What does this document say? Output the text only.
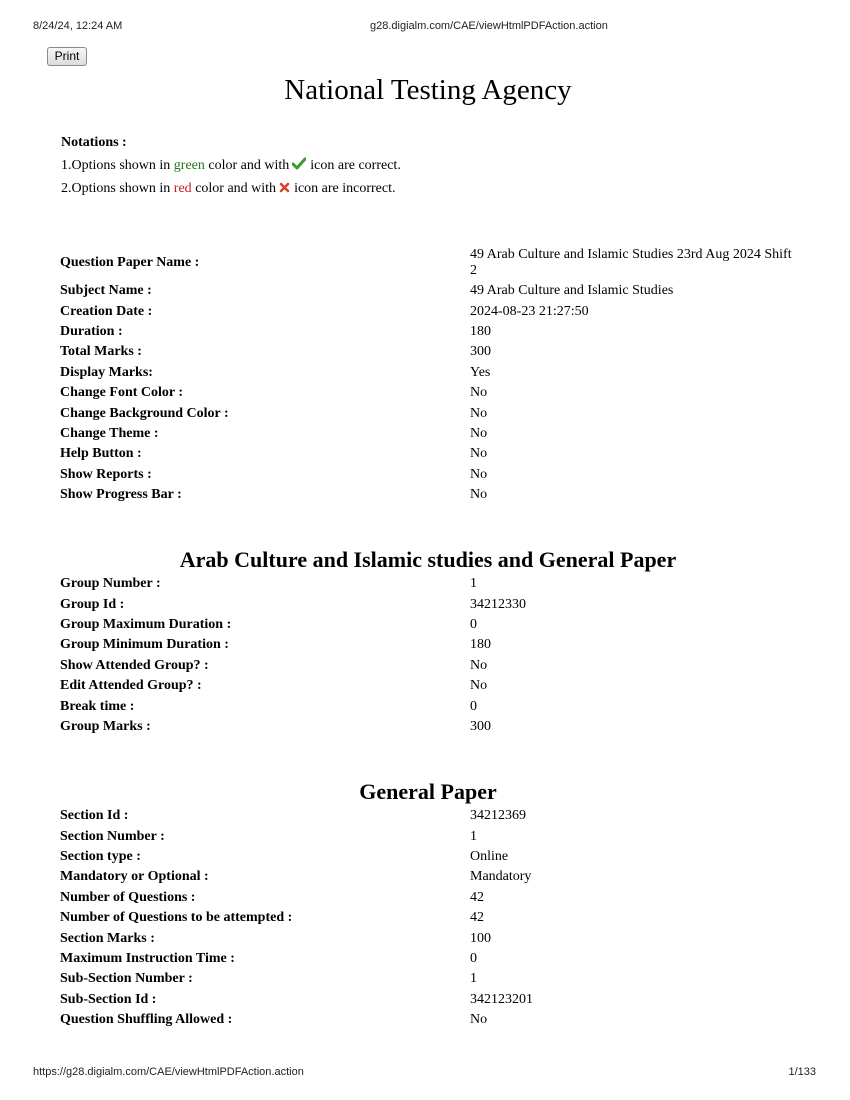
8/24/24, 12:24 AM	g28.digialm.com/CAE/viewHtmlPDFAction.action
Print
National Testing Agency
Notations :
1.Options shown in green color and with icon are correct.
2.Options shown in red color and with icon are incorrect.
Question Paper Name :	49 Arab Culture and Islamic Studies 23rd Aug 2024 Shift 2
Subject Name :	49 Arab Culture and Islamic Studies
Creation Date :	2024-08-23 21:27:50
Duration :	180
Total Marks :	300
Display Marks:	Yes
Change Font Color :	No
Change Background Color :	No
Change Theme :	No
Help Button :	No
Show Reports :	No
Show Progress Bar :	No
Arab Culture and Islamic studies and General Paper
Group Number :	1
Group Id :	34212330
Group Maximum Duration :	0
Group Minimum Duration :	180
Show Attended Group? :	No
Edit Attended Group? :	No
Break time :	0
Group Marks :	300
General Paper
Section Id :	34212369
Section Number :	1
Section type :	Online
Mandatory or Optional :	Mandatory
Number of Questions :	42
Number of Questions to be attempted :	42
Section Marks :	100
Maximum Instruction Time :	0
Sub-Section Number :	1
Sub-Section Id :	342123201
Question Shuffling Allowed :	No
https://g28.digialm.com/CAE/viewHtmlPDFAction.action	1/133
